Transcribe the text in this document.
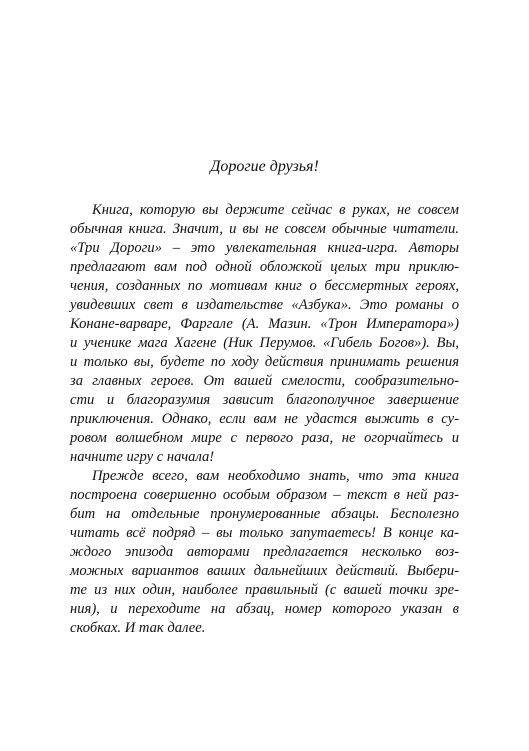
Дорогие друзья!
Книга, которую вы держите сейчас в руках, не совсем
обычная книга. Значит, и вы не совсем обычные читатели.
«Три Дороги» – это увлекательная книга-игра. Авторы
предлагают вам под одной обложкой целых три приклю-
чения, созданных по мотивам книг о бессмертных героях,
увидевших свет в издательстве «Азбука». Это романы о
Конане-варваре, Фаргале (А. Мазин. «Трон Императора»)
и ученике мага Хагене (Ник Перумов. «Гибель Богов»). Вы,
и только вы, будете по ходу действия принимать решения
за главных героев. От вашей смелости, сообразительно-
сти и благоразумия зависит благополучное завершение
приключения. Однако, если вам не удастся выжить в су-
ровом волшебном мире с первого раза, не огорчайтесь и
начните игру с начала!
Прежде всего, вам необходимо знать, что эта книга
построена совершенно особым образом – текст в ней раз-
бит на отдельные пронумерованные абзацы. Бесполезно
читать всё подряд – вы только запутаетесь! В конце ка-
ждого эпизода авторами предлагается несколько воз-
можных вариантов ваших дальнейших действий. Выбери-
те из них один, наиболее правильный (с вашей точки зре-
ния), и переходите на абзац, номер которого указан в
скобках. И так далее.
